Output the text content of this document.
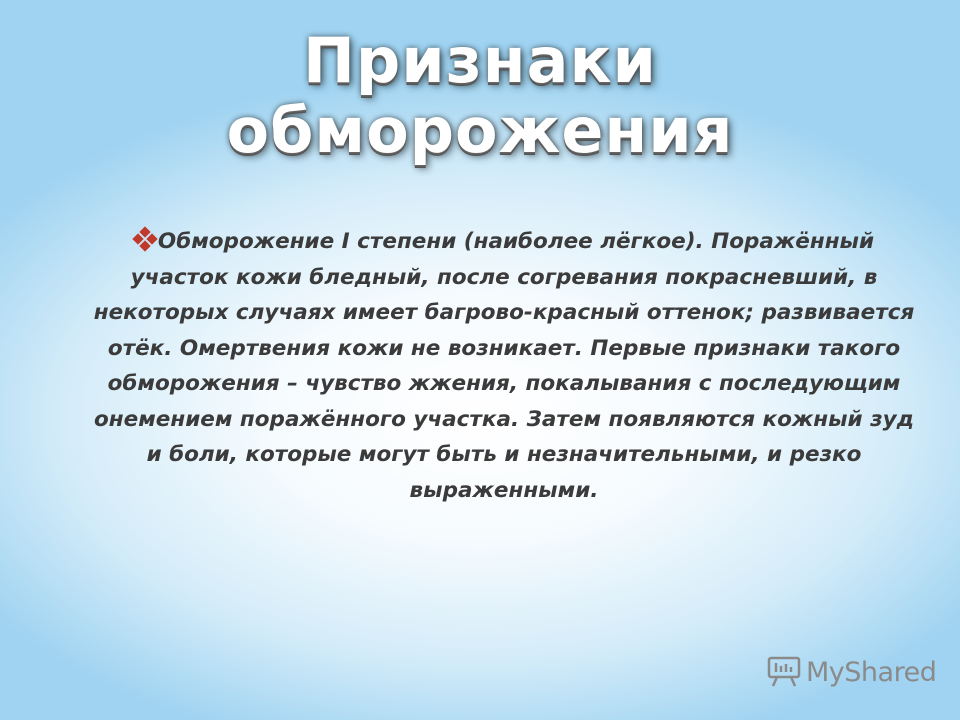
Признаки
обморожения
Обморожение I степени (наиболее лёгкое). Поражённый участок кожи бледный, после согревания покрасневший, в некоторых случаях имеет багрово-красный оттенок; развивается отёк. Омертвения кожи не возникает. Первые признаки такого обморожения – чувство жжения, покалывания с последующим онемением поражённого участка. Затем появляются кожный зуд и боли, которые могут быть и незначительными, и резко выраженными.
MyShared
